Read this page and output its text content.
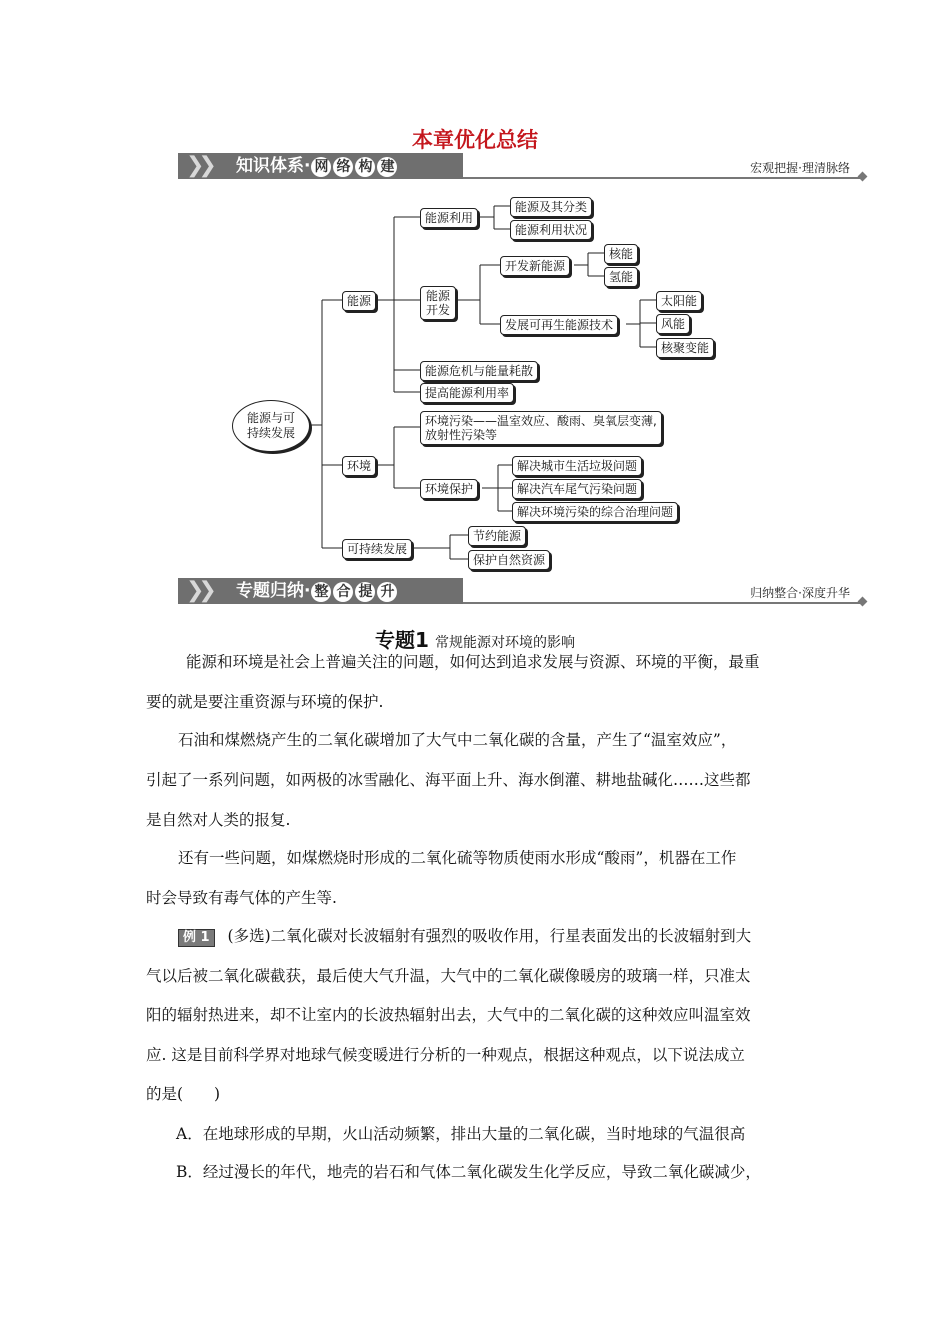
本章优化总结
❯❯ 知识体系· 网 络 构 建	宏观把握·理清脉络
能源与可持续发展
能源
能源利用
能源及其分类
能源利用状况
能源开发
开发新能源
核能
氢能
发展可再生能源技术
太阳能
风能
核聚变能
能源危机与能量耗散
提高能源利用率
环境
环境污染——温室效应、酸雨、臭氧层变薄,
放射性污染等
环境保护
解决城市生活垃圾问题
解决汽车尾气污染问题
解决环境污染的综合治理问题
可持续发展
节约能源
保护自然资源
❯❯ 专题归纳· 整 合 提 升	归纳整合·深度升华
专题1 常规能源对环境的影响
能源和环境是社会上普遍关注的问题，如何达到追求发展与资源、环境的平衡，最重
要的就是要注重资源与环境的保护.
石油和煤燃烧产生的二氧化碳增加了大气中二氧化碳的含量，产生了“温室效应”，
引起了一系列问题，如两极的冰雪融化、海平面上升、海水倒灌、耕地盐碱化……这些都
是自然对人类的报复.
还有一些问题，如煤燃烧时形成的二氧化硫等物质使雨水形成“酸雨”，机器在工作
时会导致有毒气体的产生等.
例 1 (多选)二氧化碳对长波辐射有强烈的吸收作用，行星表面发出的长波辐射到大
气以后被二氧化碳截获，最后使大气升温，大气中的二氧化碳像暖房的玻璃一样，只准太
阳的辐射热进来，却不让室内的长波热辐射出去，大气中的二氧化碳的这种效应叫温室效
应. 这是目前科学界对地球气候变暖进行分析的一种观点，根据这种观点，以下说法成立
的是(　　)
A．在地球形成的早期，火山活动频繁，排出大量的二氧化碳，当时地球的气温很高
B．经过漫长的年代，地壳的岩石和气体二氧化碳发生化学反应，导致二氧化碳减少，
